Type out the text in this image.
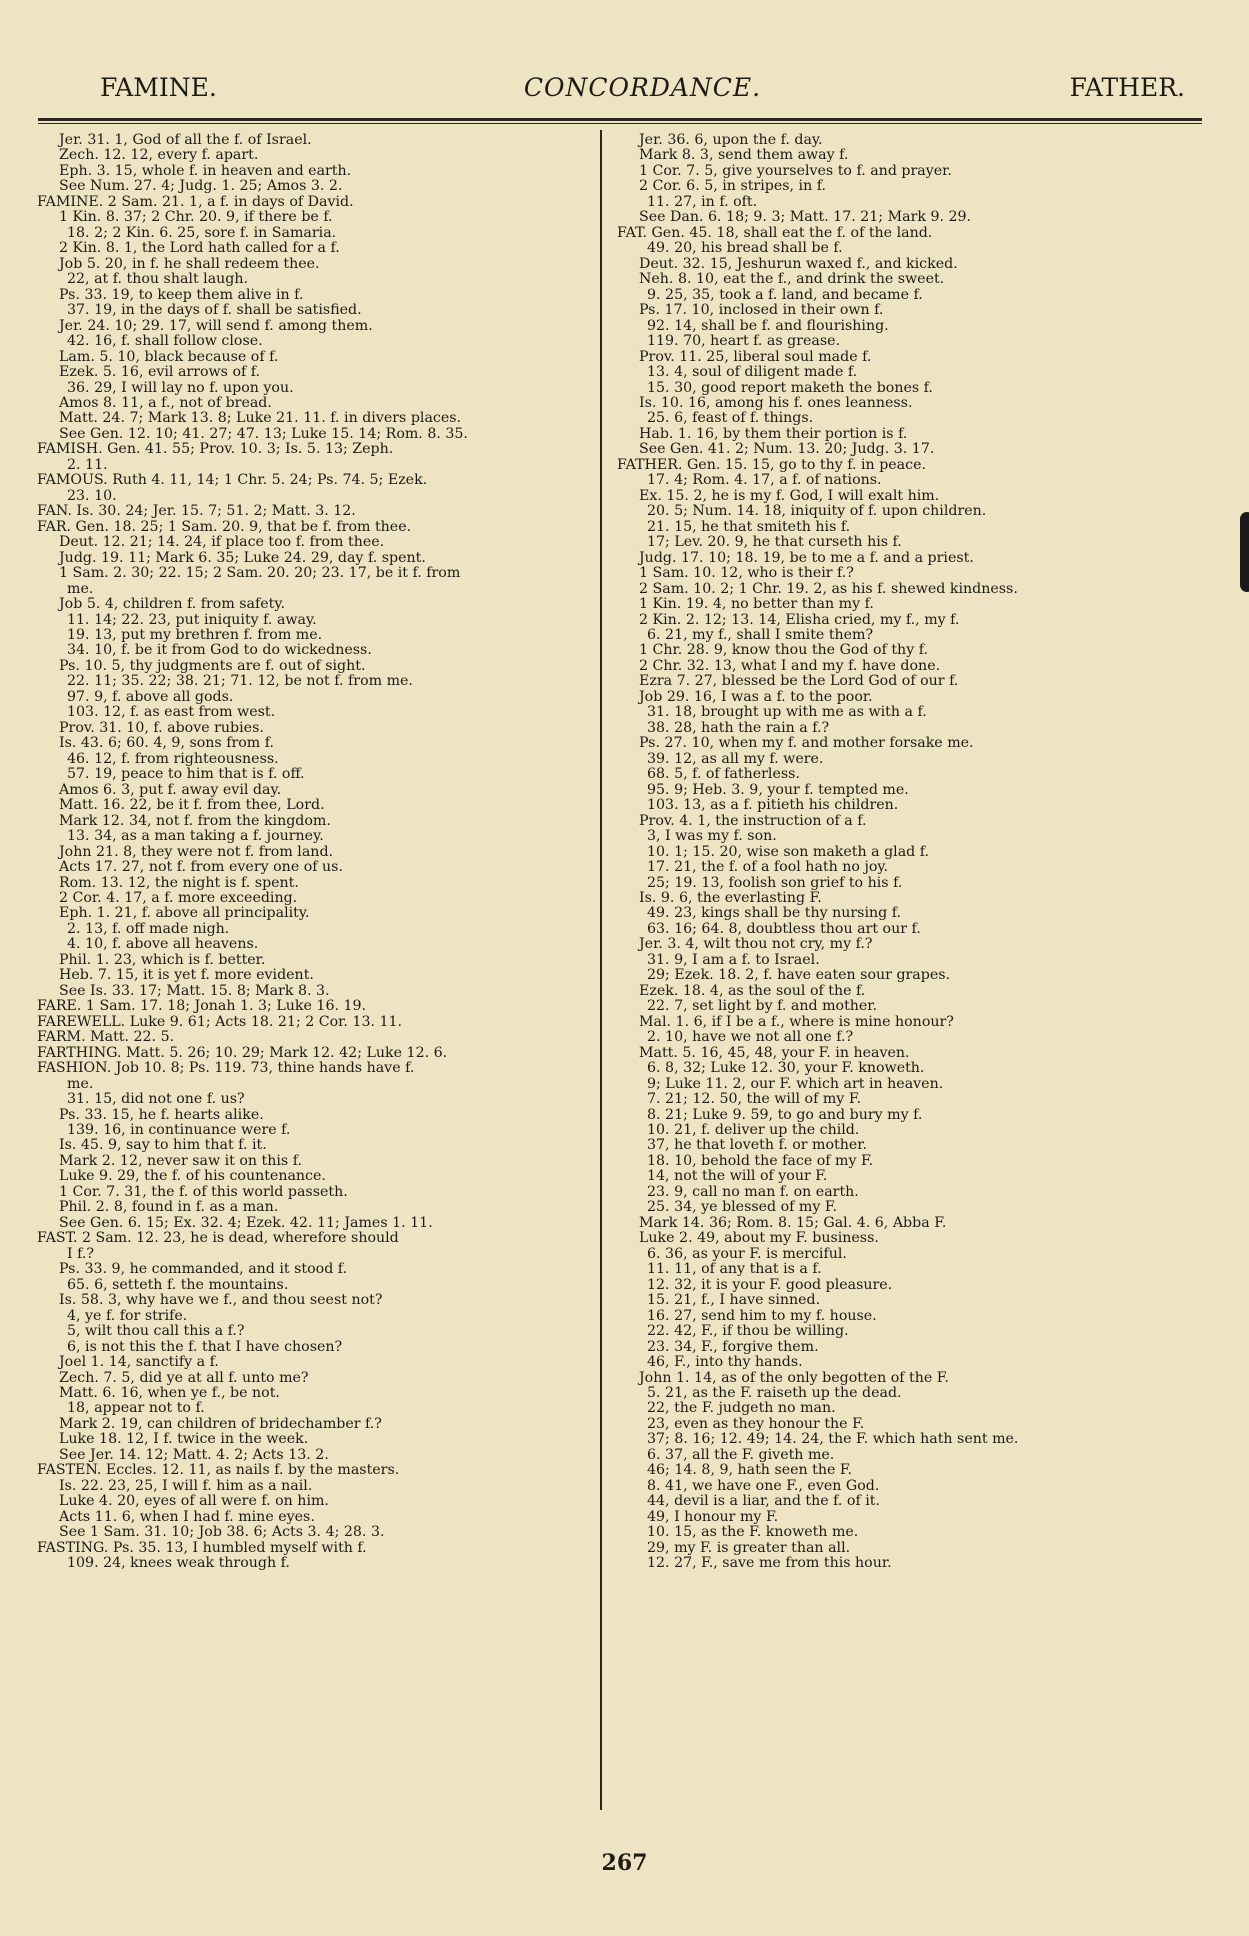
FAMINE.	CONCORDANCE.	FATHER.
Jer. 31. 1, God of all the f. of Israel.
Zech. 12. 12, every f. apart.
Eph. 3. 15, whole f. in heaven and earth.
See Num. 27. 4; Judg. 1. 25; Amos 3. 2.
FAMINE. 2 Sam. 21. 1, a f. in days of David.
1 Kin. 8. 37; 2 Chr. 20. 9, if there be f.
18. 2; 2 Kin. 6. 25, sore f. in Samaria.
2 Kin. 8. 1, the Lord hath called for a f.
Job 5. 20, in f. he shall redeem thee.
22, at f. thou shalt laugh.
Ps. 33. 19, to keep them alive in f.
37. 19, in the days of f. shall be satisfied.
Jer. 24. 10; 29. 17, will send f. among them.
42. 16, f. shall follow close.
Lam. 5. 10, black because of f.
Ezek. 5. 16, evil arrows of f.
36. 29, I will lay no f. upon you.
Amos 8. 11, a f., not of bread.
Matt. 24. 7; Mark 13. 8; Luke 21. 11. f. in divers places.
See Gen. 12. 10; 41. 27; 47. 13; Luke 15. 14; Rom. 8. 35.
FAMISH. Gen. 41. 55; Prov. 10. 3; Is. 5. 13; Zeph.
2. 11.
FAMOUS. Ruth 4. 11, 14; 1 Chr. 5. 24; Ps. 74. 5; Ezek.
23. 10.
FAN. Is. 30. 24; Jer. 15. 7; 51. 2; Matt. 3. 12.
FAR. Gen. 18. 25; 1 Sam. 20. 9, that be f. from thee.
Deut. 12. 21; 14. 24, if place too f. from thee.
Judg. 19. 11; Mark 6. 35; Luke 24. 29, day f. spent.
1 Sam. 2. 30; 22. 15; 2 Sam. 20. 20; 23. 17, be it f. from
me.
Job 5. 4, children f. from safety.
11. 14; 22. 23, put iniquity f. away.
19. 13, put my brethren f. from me.
34. 10, f. be it from God to do wickedness.
Ps. 10. 5, thy judgments are f. out of sight.
22. 11; 35. 22; 38. 21; 71. 12, be not f. from me.
97. 9, f. above all gods.
103. 12, f. as east from west.
Prov. 31. 10, f. above rubies.
Is. 43. 6; 60. 4, 9, sons from f.
46. 12, f. from righteousness.
57. 19, peace to him that is f. off.
Amos 6. 3, put f. away evil day.
Matt. 16. 22, be it f. from thee, Lord.
Mark 12. 34, not f. from the kingdom.
13. 34, as a man taking a f. journey.
John 21. 8, they were not f. from land.
Acts 17. 27, not f. from every one of us.
Rom. 13. 12, the night is f. spent.
2 Cor. 4. 17, a f. more exceeding.
Eph. 1. 21, f. above all principality.
2. 13, f. off made nigh.
4. 10, f. above all heavens.
Phil. 1. 23, which is f. better.
Heb. 7. 15, it is yet f. more evident.
See Is. 33. 17; Matt. 15. 8; Mark 8. 3.
FARE. 1 Sam. 17. 18; Jonah 1. 3; Luke 16. 19.
FAREWELL. Luke 9. 61; Acts 18. 21; 2 Cor. 13. 11.
FARM. Matt. 22. 5.
FARTHING. Matt. 5. 26; 10. 29; Mark 12. 42; Luke 12. 6.
FASHION. Job 10. 8; Ps. 119. 73, thine hands have f.
me.
31. 15, did not one f. us?
Ps. 33. 15, he f. hearts alike.
139. 16, in continuance were f.
Is. 45. 9, say to him that f. it.
Mark 2. 12, never saw it on this f.
Luke 9. 29, the f. of his countenance.
1 Cor. 7. 31, the f. of this world passeth.
Phil. 2. 8, found in f. as a man.
See Gen. 6. 15; Ex. 32. 4; Ezek. 42. 11; James 1. 11.
FAST. 2 Sam. 12. 23, he is dead, wherefore should
I f.?
Ps. 33. 9, he commanded, and it stood f.
65. 6, setteth f. the mountains.
Is. 58. 3, why have we f., and thou seest not?
4, ye f. for strife.
5, wilt thou call this a f.?
6, is not this the f. that I have chosen?
Joel 1. 14, sanctify a f.
Zech. 7. 5, did ye at all f. unto me?
Matt. 6. 16, when ye f., be not.
18, appear not to f.
Mark 2. 19, can children of bridechamber f.?
Luke 18. 12, I f. twice in the week.
See Jer. 14. 12; Matt. 4. 2; Acts 13. 2.
FASTEN. Eccles. 12. 11, as nails f. by the masters.
Is. 22. 23, 25, I will f. him as a nail.
Luke 4. 20, eyes of all were f. on him.
Acts 11. 6, when I had f. mine eyes.
See 1 Sam. 31. 10; Job 38. 6; Acts 3. 4; 28. 3.
FASTING. Ps. 35. 13, I humbled myself with f.
109. 24, knees weak through f.
Jer. 36. 6, upon the f. day.
Mark 8. 3, send them away f.
1 Cor. 7. 5, give yourselves to f. and prayer.
2 Cor. 6. 5, in stripes, in f.
11. 27, in f. oft.
See Dan. 6. 18; 9. 3; Matt. 17. 21; Mark 9. 29.
FAT. Gen. 45. 18, shall eat the f. of the land.
49. 20, his bread shall be f.
Deut. 32. 15, Jeshurun waxed f., and kicked.
Neh. 8. 10, eat the f., and drink the sweet.
9. 25, 35, took a f. land, and became f.
Ps. 17. 10, inclosed in their own f.
92. 14, shall be f. and flourishing.
119. 70, heart f. as grease.
Prov. 11. 25, liberal soul made f.
13. 4, soul of diligent made f.
15. 30, good report maketh the bones f.
Is. 10. 16, among his f. ones leanness.
25. 6, feast of f. things.
Hab. 1. 16, by them their portion is f.
See Gen. 41. 2; Num. 13. 20; Judg. 3. 17.
FATHER. Gen. 15. 15, go to thy f. in peace.
17. 4; Rom. 4. 17, a f. of nations.
Ex. 15. 2, he is my f. God, I will exalt him.
20. 5; Num. 14. 18, iniquity of f. upon children.
21. 15, he that smiteth his f.
17; Lev. 20. 9, he that curseth his f.
Judg. 17. 10; 18. 19, be to me a f. and a priest.
1 Sam. 10. 12, who is their f.?
2 Sam. 10. 2; 1 Chr. 19. 2, as his f. shewed kindness.
1 Kin. 19. 4, no better than my f.
2 Kin. 2. 12; 13. 14, Elisha cried, my f., my f.
6. 21, my f., shall I smite them?
1 Chr. 28. 9, know thou the God of thy f.
2 Chr. 32. 13, what I and my f. have done.
Ezra 7. 27, blessed be the Lord God of our f.
Job 29. 16, I was a f. to the poor.
31. 18, brought up with me as with a f.
38. 28, hath the rain a f.?
Ps. 27. 10, when my f. and mother forsake me.
39. 12, as all my f. were.
68. 5, f. of fatherless.
95. 9; Heb. 3. 9, your f. tempted me.
103. 13, as a f. pitieth his children.
Prov. 4. 1, the instruction of a f.
3, I was my f. son.
10. 1; 15. 20, wise son maketh a glad f.
17. 21, the f. of a fool hath no joy.
25; 19. 13, foolish son grief to his f.
Is. 9. 6, the everlasting F.
49. 23, kings shall be thy nursing f.
63. 16; 64. 8, doubtless thou art our f.
Jer. 3. 4, wilt thou not cry, my f.?
31. 9, I am a f. to Israel.
29; Ezek. 18. 2, f. have eaten sour grapes.
Ezek. 18. 4, as the soul of the f.
22. 7, set light by f. and mother.
Mal. 1. 6, if I be a f., where is mine honour?
2. 10, have we not all one f.?
Matt. 5. 16, 45, 48, your F. in heaven.
6. 8, 32; Luke 12. 30, your F. knoweth.
9; Luke 11. 2, our F. which art in heaven.
7. 21; 12. 50, the will of my F.
8. 21; Luke 9. 59, to go and bury my f.
10. 21, f. deliver up the child.
37, he that loveth f. or mother.
18. 10, behold the face of my F.
14, not the will of your F.
23. 9, call no man f. on earth.
25. 34, ye blessed of my F.
Mark 14. 36; Rom. 8. 15; Gal. 4. 6, Abba F.
Luke 2. 49, about my F. business.
6. 36, as your F. is merciful.
11. 11, of any that is a f.
12. 32, it is your F. good pleasure.
15. 21, f., I have sinned.
16. 27, send him to my f. house.
22. 42, F., if thou be willing.
23. 34, F., forgive them.
46, F., into thy hands.
John 1. 14, as of the only begotten of the F.
5. 21, as the F. raiseth up the dead.
22, the F. judgeth no man.
23, even as they honour the F.
37; 8. 16; 12. 49; 14. 24, the F. which hath sent me.
6. 37, all the F. giveth me.
46; 14. 8, 9, hath seen the F.
8. 41, we have one F., even God.
44, devil is a liar, and the f. of it.
49, I honour my F.
10. 15, as the F. knoweth me.
29, my F. is greater than all.
12. 27, F., save me from this hour.
267
